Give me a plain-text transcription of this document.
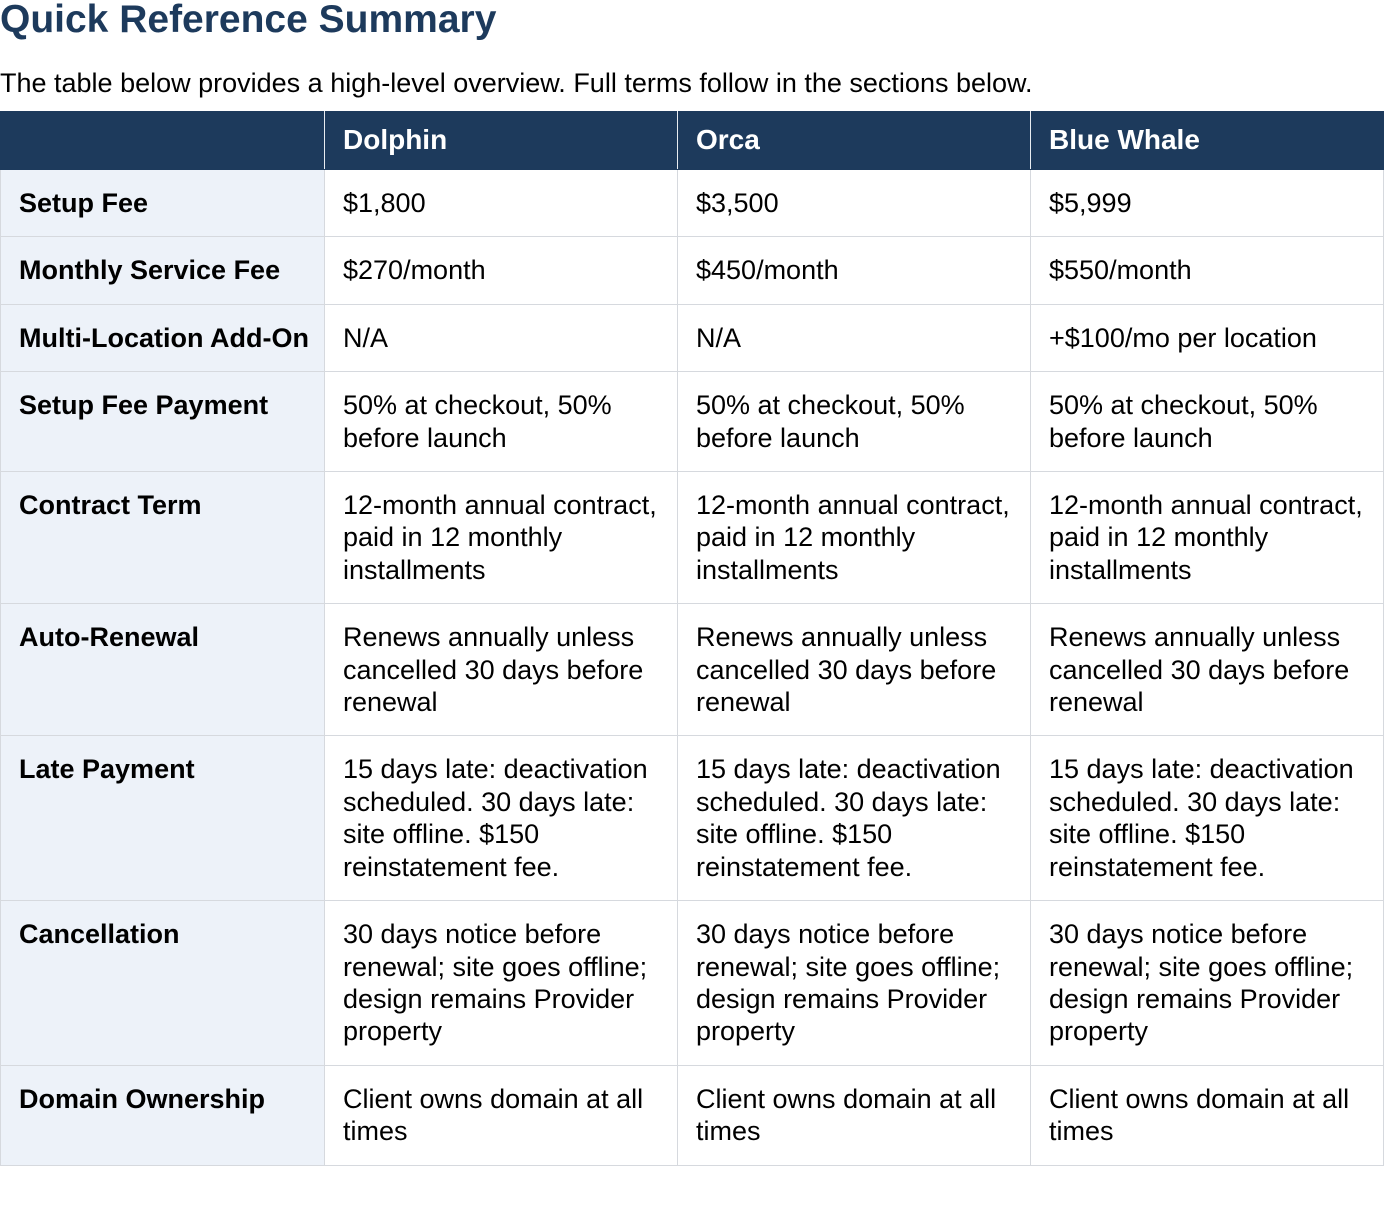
Quick Reference Summary

The table below provides a high-level overview. Full terms follow in the sections below.

	Dolphin	Orca	Blue Whale
Setup Fee	$1,800	$3,500	$5,999
Monthly Service Fee	$270/month	$450/month	$550/month
Multi-Location Add-On	N/A	N/A	+$100/mo per location
Setup Fee Payment	50% at checkout, 50% before launch	50% at checkout, 50% before launch	50% at checkout, 50% before launch
Contract Term	12-month annual contract, paid in 12 monthly installments	12-month annual contract, paid in 12 monthly installments	12-month annual contract, paid in 12 monthly installments
Auto-Renewal	Renews annually unless cancelled 30 days before renewal	Renews annually unless cancelled 30 days before renewal	Renews annually unless cancelled 30 days before renewal
Late Payment	15 days late: deactivation scheduled. 30 days late: site offline. $150 reinstatement fee.	15 days late: deactivation scheduled. 30 days late: site offline. $150 reinstatement fee.	15 days late: deactivation scheduled. 30 days late: site offline. $150 reinstatement fee.
Cancellation	30 days notice before renewal; site goes offline; design remains Provider property	30 days notice before renewal; site goes offline; design remains Provider property	30 days notice before renewal; site goes offline; design remains Provider property
Domain Ownership	Client owns domain at all times	Client owns domain at all times	Client owns domain at all times
